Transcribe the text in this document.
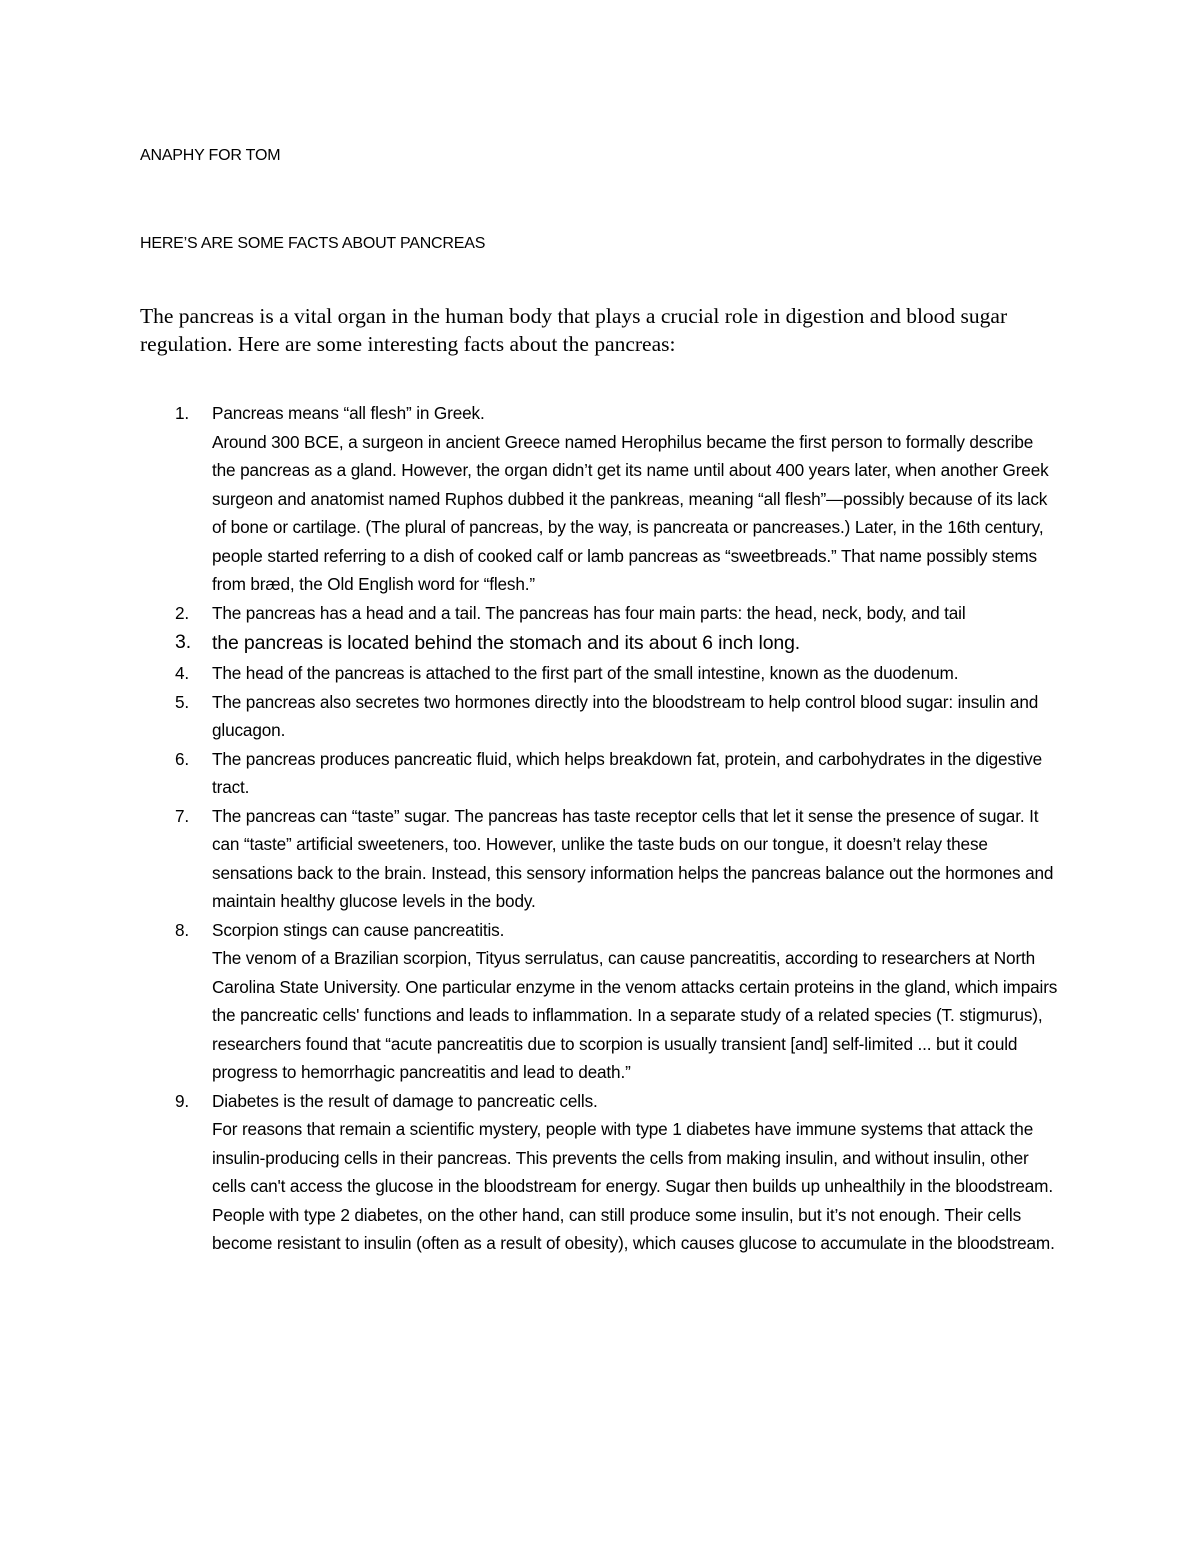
ANAPHY FOR TOM
HERE’S ARE SOME FACTS ABOUT PANCREAS
The pancreas is a vital organ in the human body that plays a crucial role in digestion and blood sugar regulation. Here are some interesting facts about the pancreas:
1. Pancreas means “all flesh” in Greek.
Around 300 BCE, a surgeon in ancient Greece named Herophilus became the first person to formally describe the pancreas as a gland. However, the organ didn’t get its name until about 400 years later, when another Greek surgeon and anatomist named Ruphos dubbed it the pankreas, meaning “all flesh”—possibly because of its lack of bone or cartilage. (The plural of pancreas, by the way, is pancreata or pancreases.) Later, in the 16th century, people started referring to a dish of cooked calf or lamb pancreas as “sweetbreads.” That name possibly stems from bræd, the Old English word for “flesh.”
2. The pancreas has a head and a tail. The pancreas has four main parts: the head, neck, body, and tail
3. the pancreas is located behind the stomach and its about 6 inch long.
4. The head of the pancreas is attached to the first part of the small intestine, known as the duodenum.
5. The pancreas also secretes two hormones directly into the bloodstream to help control blood sugar: insulin and glucagon.
6. The pancreas produces pancreatic fluid, which helps breakdown fat, protein, and carbohydrates in the digestive tract.
7. The pancreas can “taste” sugar. The pancreas has taste receptor cells that let it sense the presence of sugar. It can “taste” artificial sweeteners, too. However, unlike the taste buds on our tongue, it doesn’t relay these sensations back to the brain. Instead, this sensory information helps the pancreas balance out the hormones and maintain healthy glucose levels in the body.
8. Scorpion stings can cause pancreatitis.
The venom of a Brazilian scorpion, Tityus serrulatus, can cause pancreatitis, according to researchers at North Carolina State University. One particular enzyme in the venom attacks certain proteins in the gland, which impairs the pancreatic cells' functions and leads to inflammation. In a separate study of a related species (T. stigmurus), researchers found that “acute pancreatitis due to scorpion is usually transient [and] self-limited ... but it could progress to hemorrhagic pancreatitis and lead to death.”
9. Diabetes is the result of damage to pancreatic cells.
For reasons that remain a scientific mystery, people with type 1 diabetes have immune systems that attack the insulin-producing cells in their pancreas. This prevents the cells from making insulin, and without insulin, other cells can't access the glucose in the bloodstream for energy. Sugar then builds up unhealthily in the bloodstream. People with type 2 diabetes, on the other hand, can still produce some insulin, but it’s not enough. Their cells become resistant to insulin (often as a result of obesity), which causes glucose to accumulate in the bloodstream.
